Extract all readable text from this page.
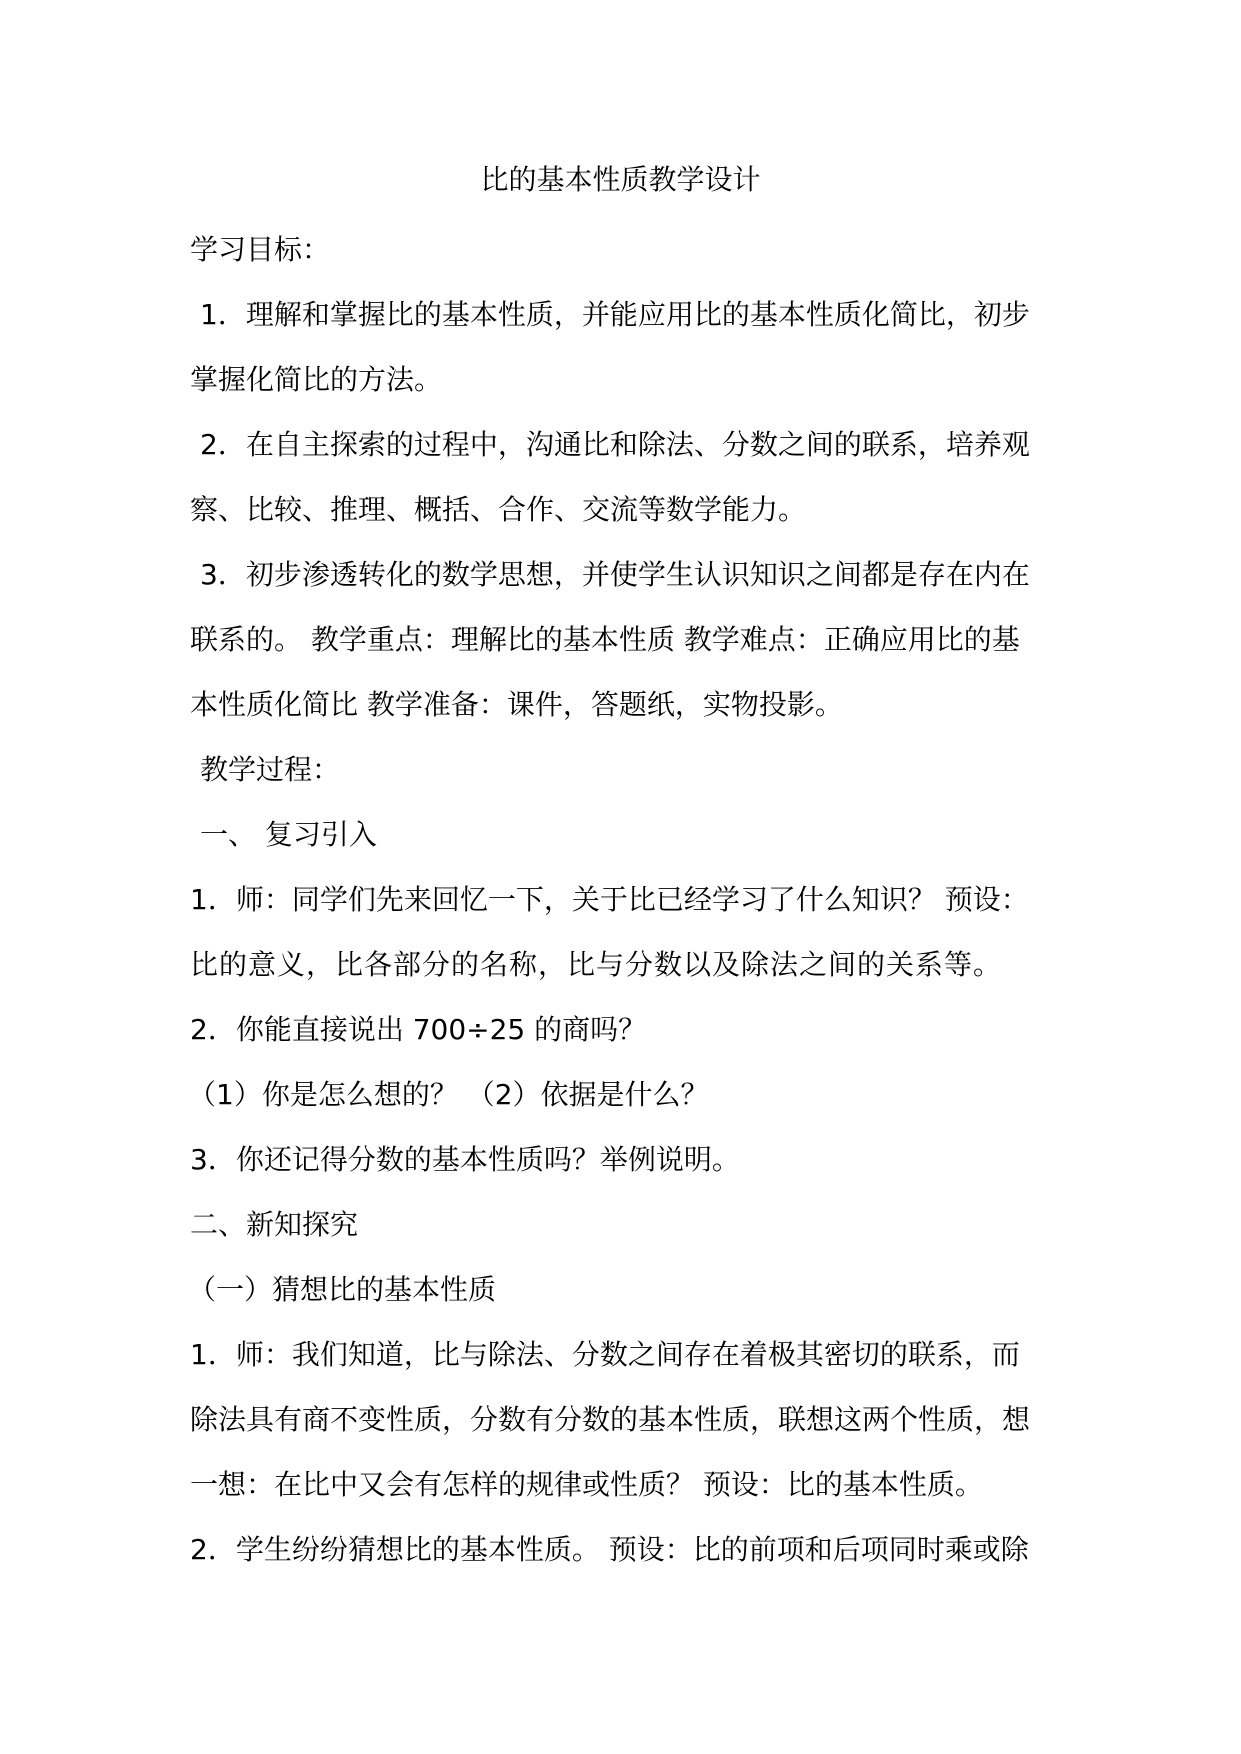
比的基本性质教学设计
学习目标：
1．理解和掌握比的基本性质，并能应用比的基本性质化简比，初步
掌握化简比的方法。
2．在自主探索的过程中，沟通比和除法、分数之间的联系，培养观
察、比较、推理、概括、合作、交流等数学能力。
3．初步渗透转化的数学思想，并使学生认识知识之间都是存在内在
联系的。 教学重点：理解比的基本性质 教学难点：正确应用比的基
本性质化简比 教学准备：课件，答题纸，实物投影。
教学过程：
一、 复习引入
1．师：同学们先来回忆一下，关于比已经学习了什么知识？ 预设：
比的意义，比各部分的名称，比与分数以及除法之间的关系等。
2．你能直接说出 700÷25 的商吗？
（1）你是怎么想的？ （2）依据是什么？
3．你还记得分数的基本性质吗？举例说明。
二、新知探究
（一）猜想比的基本性质
1．师：我们知道，比与除法、分数之间存在着极其密切的联系，而
除法具有商不变性质，分数有分数的基本性质，联想这两个性质，想
一想：在比中又会有怎样的规律或性质？ 预设：比的基本性质。
2．学生纷纷猜想比的基本性质。 预设：比的前项和后项同时乘或除
